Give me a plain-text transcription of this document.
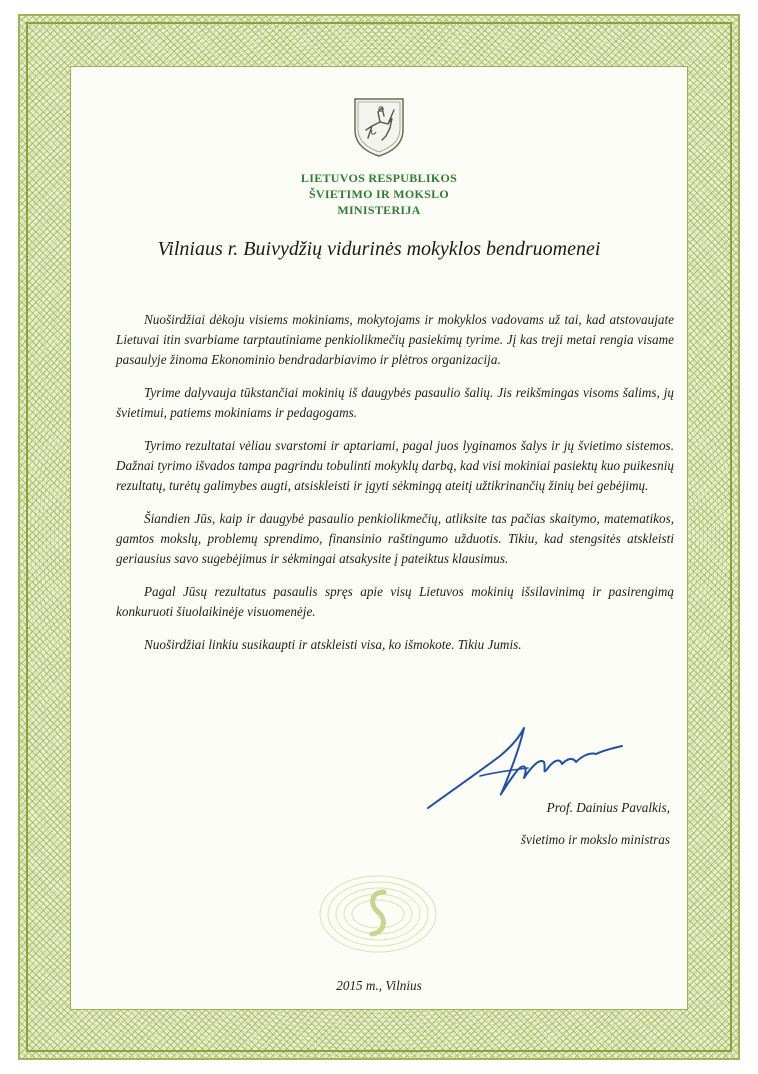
LIETUVOS RESPUBLIKOS
ŠVIETIMO IR MOKSLO
MINISTERIJA
Vilniaus r. Buivydžių vidurinės mokyklos bendruomenei

Nuoširdžiai dėkoju visiems mokiniams, mokytojams ir mokyklos vadovams už tai, kad atstovaujate Lietuvai itin svarbiame tarptautiniame penkiolikmečių pasiekimų tyrime. Jį kas treji metai rengia visame pasaulyje žinoma Ekonominio bendradarbiavimo ir plėtros organizacija.

Tyrime dalyvauja tūkstančiai mokinių iš daugybės pasaulio šalių. Jis reikšmingas visoms šalims, jų švietimui, patiems mokiniams ir pedagogams.

Tyrimo rezultatai vėliau svarstomi ir aptariami, pagal juos lyginamos šalys ir jų švietimo sistemos. Dažnai tyrimo išvados tampa pagrindu tobulinti mokyklų darbą, kad visi mokiniai pasiektų kuo puikesnių rezultatų, turėtų galimybes augti, atsiskleisti ir įgyti sėkmingą ateitį užtikrinančių žinių bei gebėjimų.

Šiandien Jūs, kaip ir daugybė pasaulio penkiolikmečių, atliksite tas pačias skaitymo, matematikos, gamtos mokslų, problemų sprendimo, finansinio raštingumo užduotis. Tikiu, kad stengsitės atskleisti geriausius savo sugebėjimus ir sėkmingai atsakysite į pateiktus klausimus.

Pagal Jūsų rezultatus pasaulis spręs apie visų Lietuvos mokinių išsilavinimą ir pasirengimą konkuruoti šiuolaikinėje visuomenėje.

Nuoširdžiai linkiu susikaupti ir atskleisti visa, ko išmokote. Tikiu Jumis.

Prof. Dainius Pavalkis,
švietimo ir mokslo ministras
2015 m., Vilnius
